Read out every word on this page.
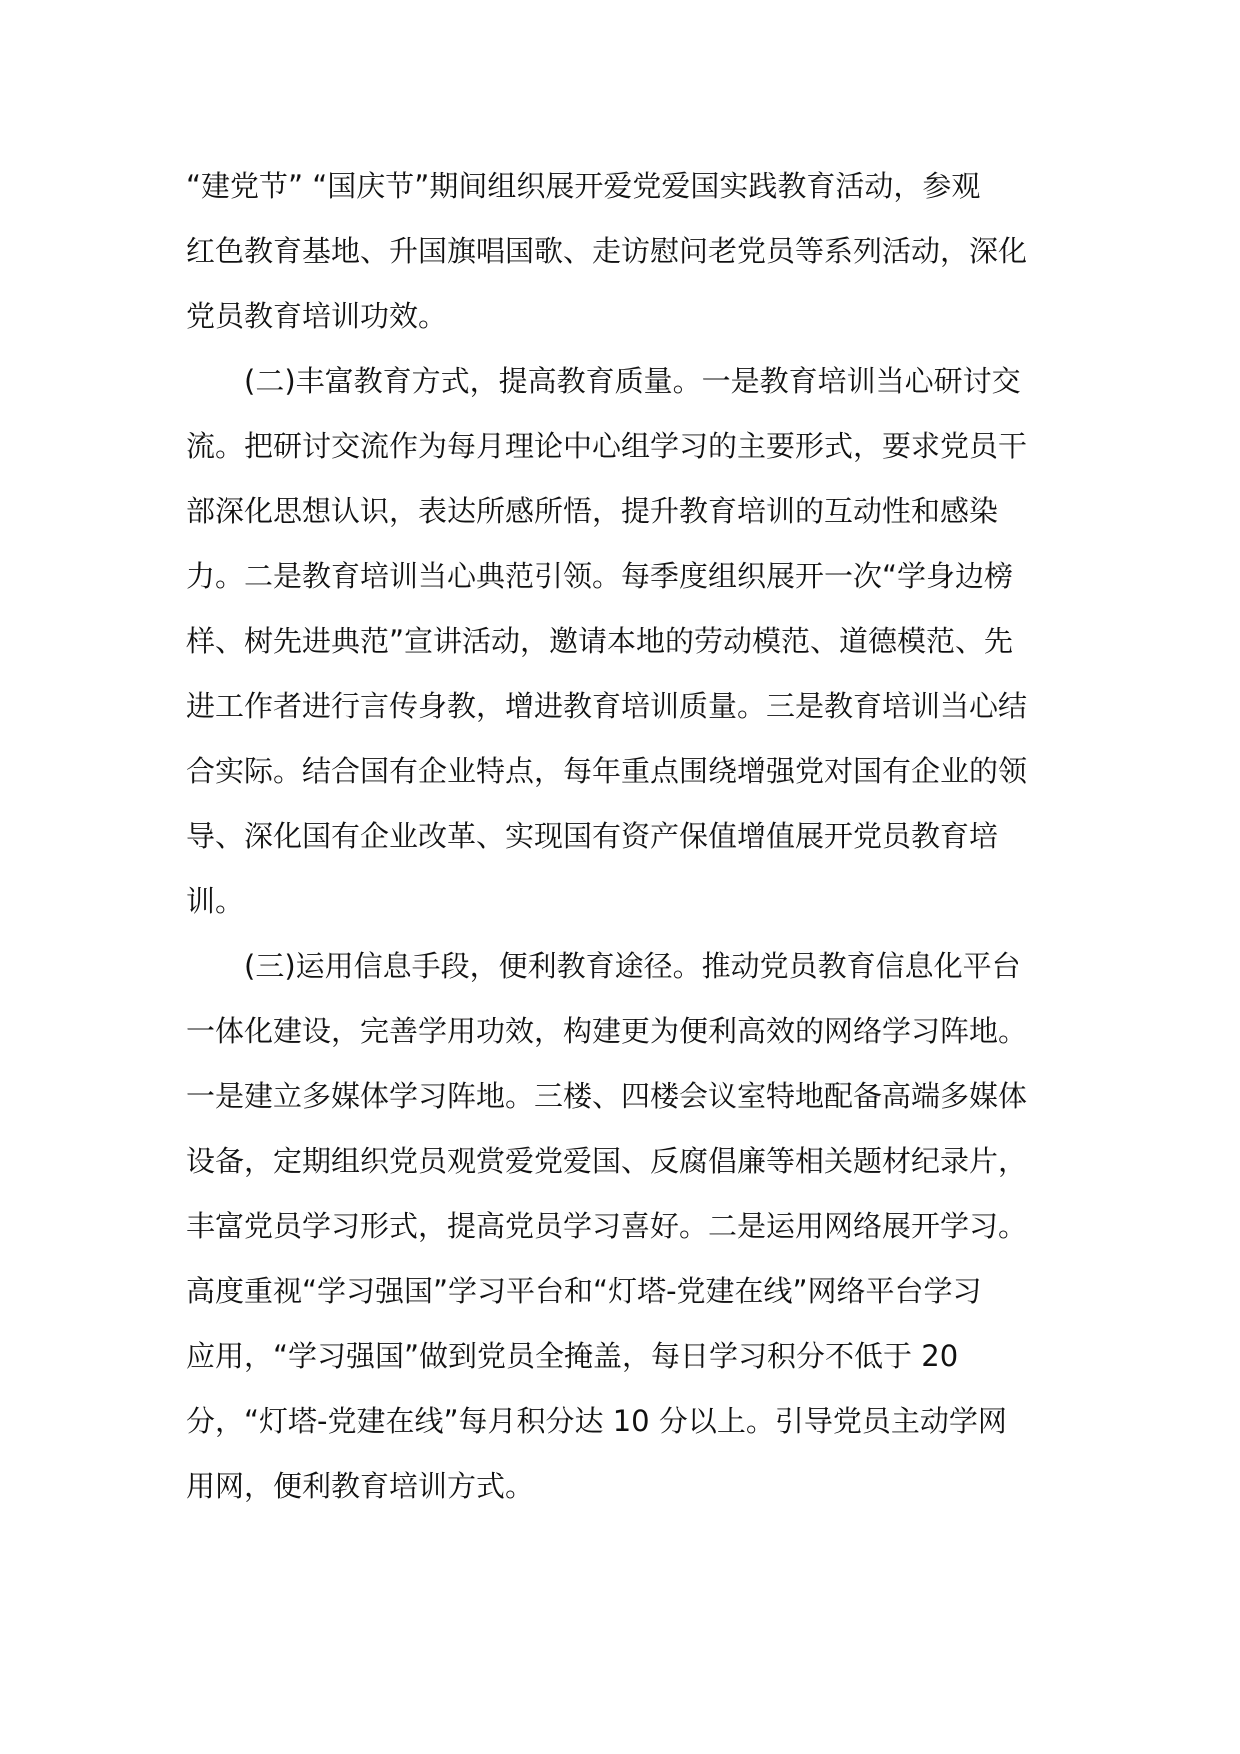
“建党节” “国庆节”期间组织展开爱党爱国实践教育活动，参观
红色教育基地、升国旗唱国歌、走访慰问老党员等系列活动，深化
党员教育培训功效。
　　(二)丰富教育方式，提高教育质量。一是教育培训当心研讨交
流。把研讨交流作为每月理论中心组学习的主要形式，要求党员干
部深化思想认识，表达所感所悟，提升教育培训的互动性和感染
力。二是教育培训当心典范引领。每季度组织展开一次“学身边榜
样、树先进典范”宣讲活动，邀请本地的劳动模范、道德模范、先
进工作者进行言传身教，增进教育培训质量。三是教育培训当心结
合实际。结合国有企业特点，每年重点围绕增强党对国有企业的领
导、深化国有企业改革、实现国有资产保值增值展开党员教育培
训。
　　(三)运用信息手段，便利教育途径。推动党员教育信息化平台
一体化建设，完善学用功效，构建更为便利高效的网络学习阵地。
一是建立多媒体学习阵地。三楼、四楼会议室特地配备高端多媒体
设备，定期组织党员观赏爱党爱国、反腐倡廉等相关题材纪录片，
丰富党员学习形式，提高党员学习喜好。二是运用网络展开学习。
高度重视“学习强国”学习平台和“灯塔-党建在线”网络平台学习
应用，“学习强国”做到党员全掩盖，每日学习积分不低于 20
分，“灯塔-党建在线”每月积分达 10 分以上。引导党员主动学网
用网，便利教育培训方式。
